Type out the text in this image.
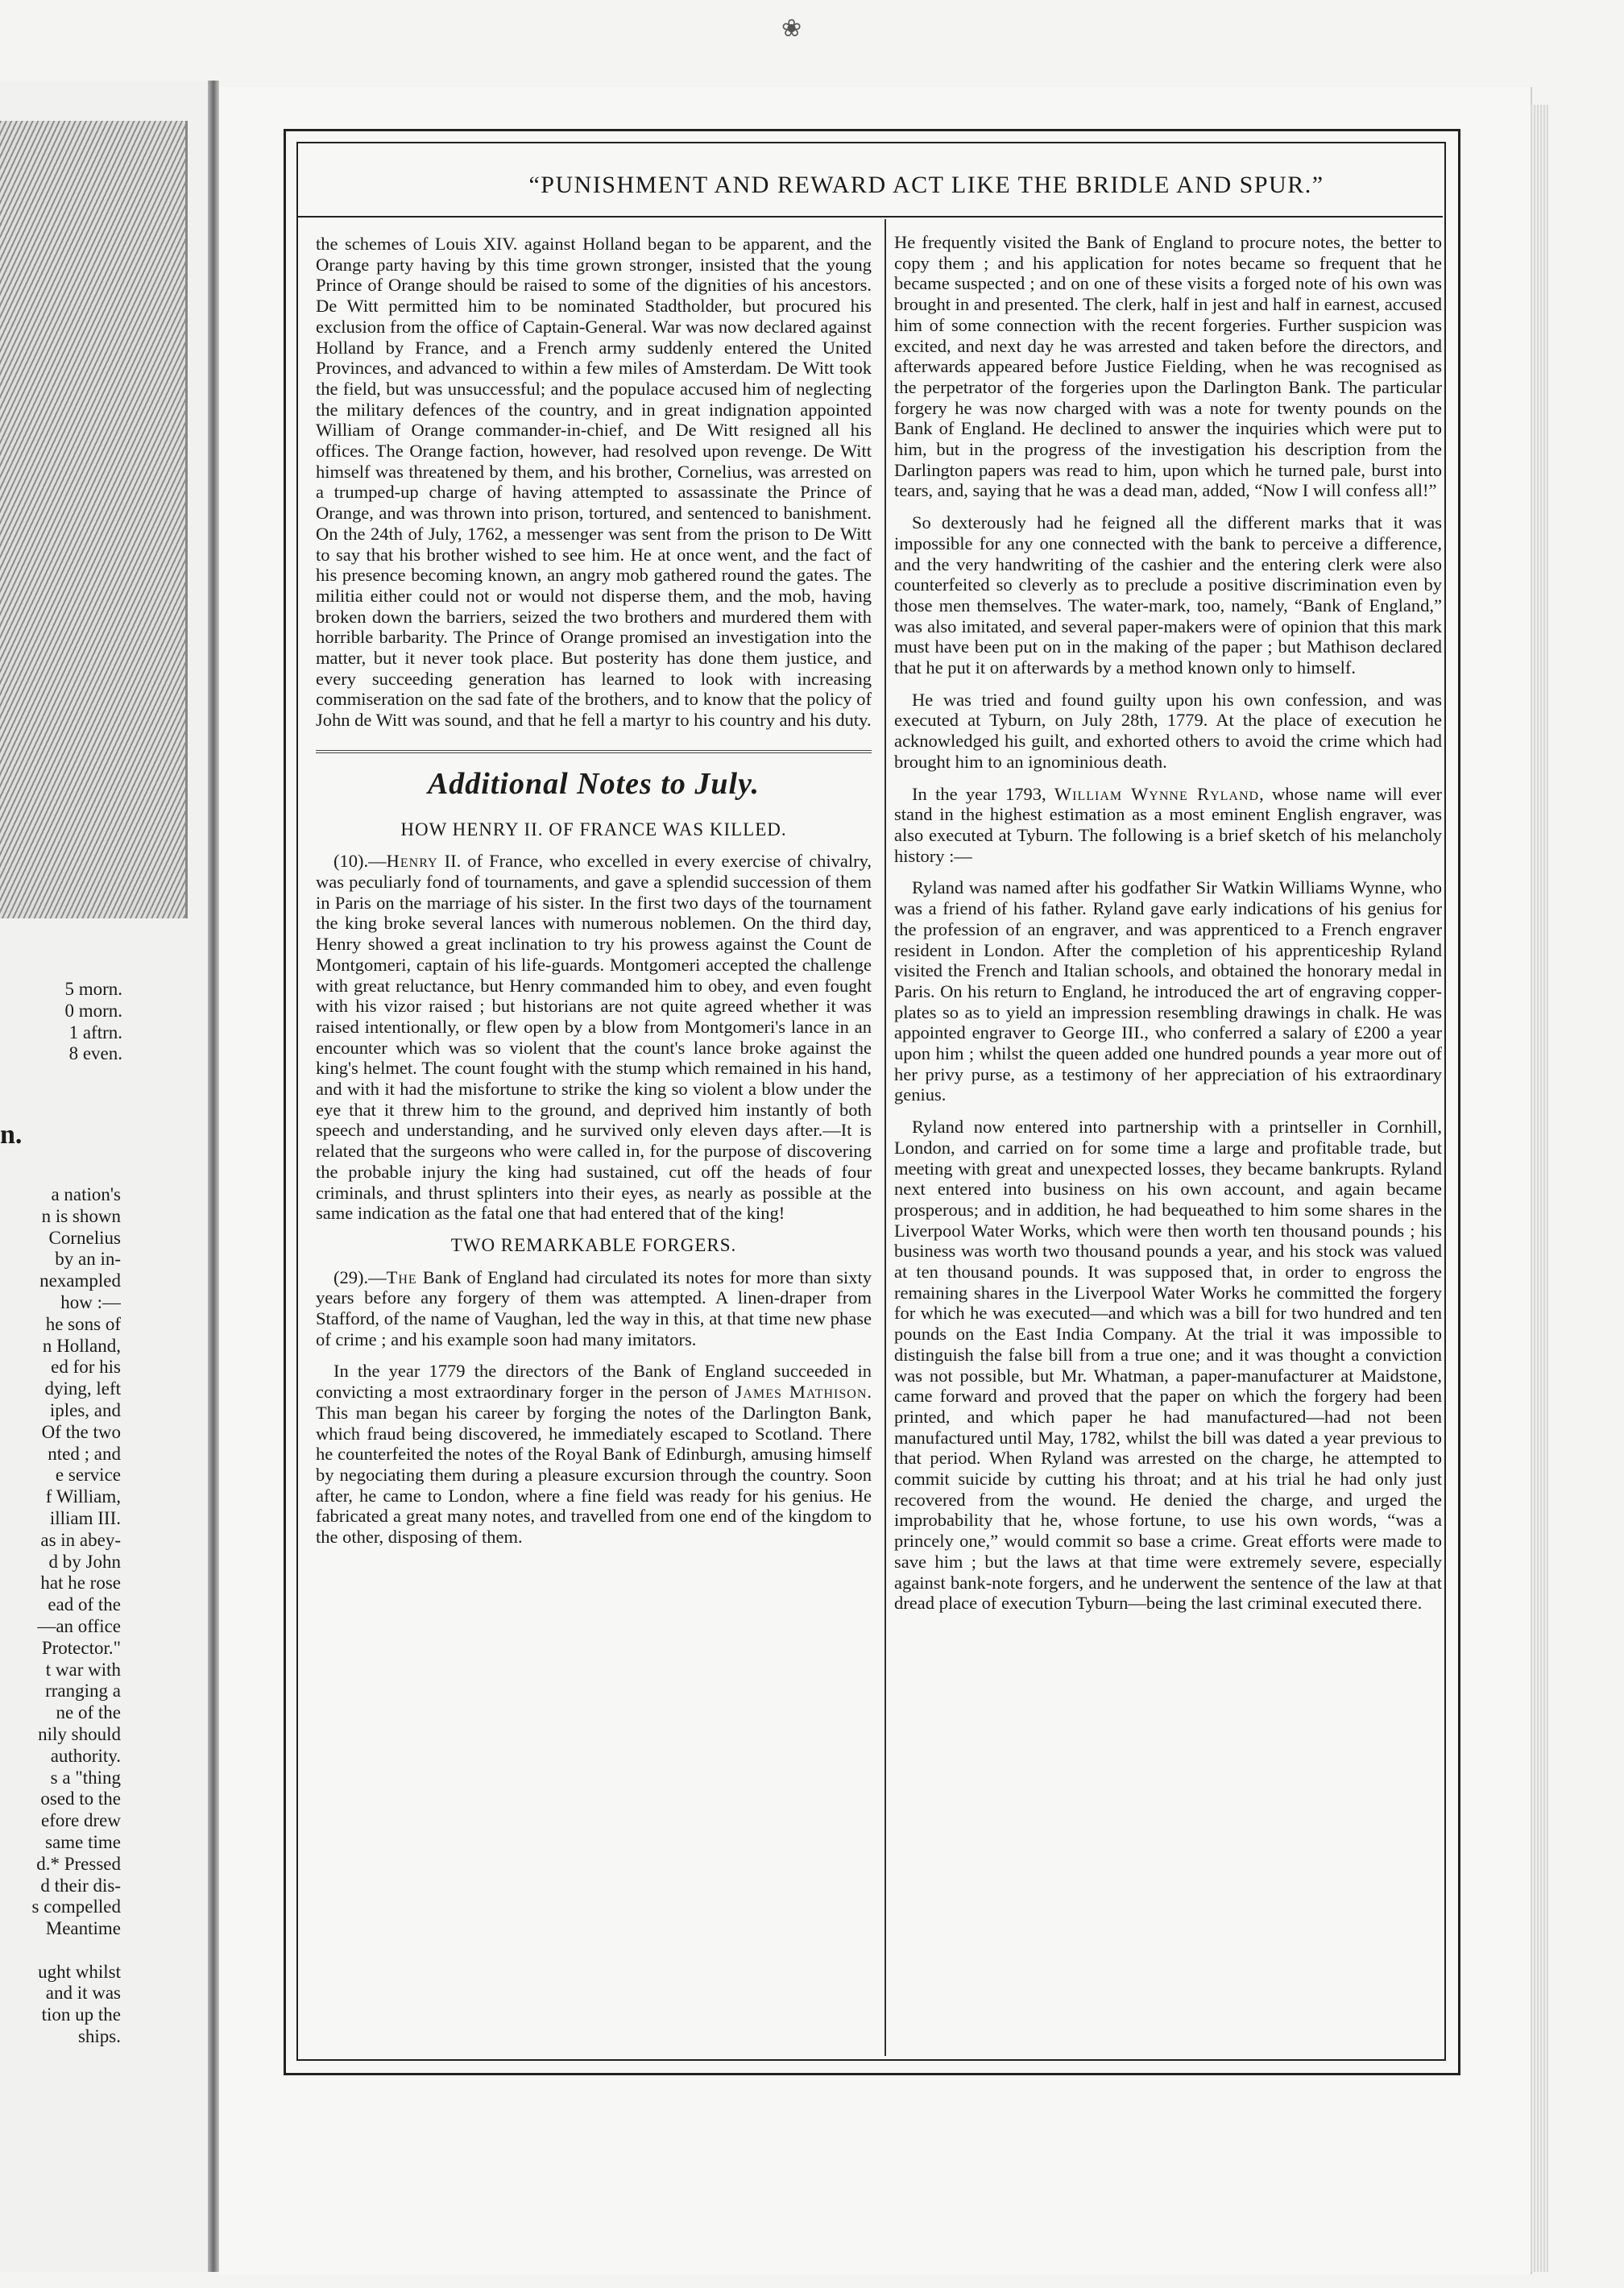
❀
5 morn.
0 morn.
1 aftrn.
8 even.
n.
a nation's
n is shown
Cornelius
by an in-
nexampled
how :—
he sons of
n Holland,
ed for his
dying, left
iples, and
Of the two
nted ; and
e service
f William,
illiam III.
as in abey-
d by John
hat he rose
ead of the
—an office
Protector."
t war with
rranging a
ne of the
nily should
authority.
s a "thing
osed to the
efore drew
same time
d.* Pressed
d their dis-
s compelled
Meantime
ught whilst
and it was
tion up the
ships.
“PUNISHMENT AND REWARD ACT LIKE THE BRIDLE AND SPUR.”

the schemes of Louis XIV. against Holland began to be apparent, and the Orange party having by this time grown stronger, insisted that the young Prince of Orange should be raised to some of the dignities of his ancestors. De Witt permitted him to be nominated Stadtholder, but procured his exclusion from the office of Captain-General. War was now declared against Holland by France, and a French army suddenly entered the United Provinces, and advanced to within a few miles of Amsterdam. De Witt took the field, but was unsuccessful; and the populace accused him of neglecting the military defences of the country, and in great indignation appointed William of Orange commander-in-chief, and De Witt resigned all his offices. The Orange faction, however, had resolved upon revenge. De Witt himself was threatened by them, and his brother, Cornelius, was arrested on a trumped-up charge of having attempted to assassinate the Prince of Orange, and was thrown into prison, tortured, and sentenced to banishment. On the 24th of July, 1762, a messenger was sent from the prison to De Witt to say that his brother wished to see him. He at once went, and the fact of his presence becoming known, an angry mob gathered round the gates. The militia either could not or would not disperse them, and the mob, having broken down the barriers, seized the two brothers and murdered them with horrible barbarity. The Prince of Orange promised an investigation into the matter, but it never took place. But posterity has done them justice, and every succeeding generation has learned to look with increasing commiseration on the sad fate of the brothers, and to know that the policy of John de Witt was sound, and that he fell a martyr to his country and his duty.

Additional Notes to July.
HOW HENRY II. OF FRANCE WAS KILLED.

(10).—Henry II. of France, who excelled in every exercise of chivalry, was peculiarly fond of tournaments, and gave a splendid succession of them in Paris on the marriage of his sister. In the first two days of the tournament the king broke several lances with numerous noblemen. On the third day, Henry showed a great inclination to try his prowess against the Count de Montgomeri, captain of his life-guards. Montgomeri accepted the challenge with great reluctance, but Henry commanded him to obey, and even fought with his vizor raised ; but historians are not quite agreed whether it was raised intentionally, or flew open by a blow from Montgomeri's lance in an encounter which was so violent that the count's lance broke against the king's helmet. The count fought with the stump which remained in his hand, and with it had the misfortune to strike the king so violent a blow under the eye that it threw him to the ground, and deprived him instantly of both speech and understanding, and he survived only eleven days after.—It is related that the surgeons who were called in, for the purpose of discovering the probable injury the king had sustained, cut off the heads of four criminals, and thrust splinters into their eyes, as nearly as possible at the same indication as the fatal one that had entered that of the king!

TWO REMARKABLE FORGERS.

(29).—The Bank of England had circulated its notes for more than sixty years before any forgery of them was attempted. A linen-draper from Stafford, of the name of Vaughan, led the way in this, at that time new phase of crime ; and his example soon had many imitators.

In the year 1779 the directors of the Bank of England succeeded in convicting a most extraordinary forger in the person of James Mathison. This man began his career by forging the notes of the Darlington Bank, which fraud being discovered, he immediately escaped to Scotland. There he counterfeited the notes of the Royal Bank of Edinburgh, amusing himself by negociating them during a pleasure excursion through the country. Soon after, he came to London, where a fine field was ready for his genius. He fabricated a great many notes, and travelled from one end of the kingdom to the other, disposing of them.

He frequently visited the Bank of England to procure notes, the better to copy them ; and his application for notes became so frequent that he became suspected ; and on one of these visits a forged note of his own was brought in and presented. The clerk, half in jest and half in earnest, accused him of some connection with the recent forgeries. Further suspicion was excited, and next day he was arrested and taken before the directors, and afterwards appeared before Justice Fielding, when he was recognised as the perpetrator of the forgeries upon the Darlington Bank. The particular forgery he was now charged with was a note for twenty pounds on the Bank of England. He declined to answer the inquiries which were put to him, but in the progress of the investigation his description from the Darlington papers was read to him, upon which he turned pale, burst into tears, and, saying that he was a dead man, added, “Now I will confess all!”

So dexterously had he feigned all the different marks that it was impossible for any one connected with the bank to perceive a difference, and the very handwriting of the cashier and the entering clerk were also counterfeited so cleverly as to preclude a positive discrimination even by those men themselves. The water-mark, too, namely, “Bank of England,” was also imitated, and several paper-makers were of opinion that this mark must have been put on in the making of the paper ; but Mathison declared that he put it on afterwards by a method known only to himself.

He was tried and found guilty upon his own confession, and was executed at Tyburn, on July 28th, 1779. At the place of execution he acknowledged his guilt, and exhorted others to avoid the crime which had brought him to an ignominious death.

In the year 1793, William Wynne Ryland, whose name will ever stand in the highest estimation as a most eminent English engraver, was also executed at Tyburn. The following is a brief sketch of his melancholy history :—

Ryland was named after his godfather Sir Watkin Williams Wynne, who was a friend of his father. Ryland gave early indications of his genius for the profession of an engraver, and was apprenticed to a French engraver resident in London. After the completion of his apprenticeship Ryland visited the French and Italian schools, and obtained the honorary medal in Paris. On his return to England, he introduced the art of engraving copper-plates so as to yield an impression resembling drawings in chalk. He was appointed engraver to George III., who conferred a salary of £200 a year upon him ; whilst the queen added one hundred pounds a year more out of her privy purse, as a testimony of her appreciation of his extraordinary genius.

Ryland now entered into partnership with a printseller in Cornhill, London, and carried on for some time a large and profitable trade, but meeting with great and unexpected losses, they became bankrupts. Ryland next entered into business on his own account, and again became prosperous; and in addition, he had bequeathed to him some shares in the Liverpool Water Works, which were then worth ten thousand pounds ; his business was worth two thousand pounds a year, and his stock was valued at ten thousand pounds. It was supposed that, in order to engross the remaining shares in the Liverpool Water Works he committed the forgery for which he was executed—and which was a bill for two hundred and ten pounds on the East India Company. At the trial it was impossible to distinguish the false bill from a true one; and it was thought a conviction was not possible, but Mr. Whatman, a paper-manufacturer at Maidstone, came forward and proved that the paper on which the forgery had been printed, and which paper he had manufactured—had not been manufactured until May, 1782, whilst the bill was dated a year previous to that period. When Ryland was arrested on the charge, he attempted to commit suicide by cutting his throat; and at his trial he had only just recovered from the wound. He denied the charge, and urged the improbability that he, whose fortune, to use his own words, “was a princely one,” would commit so base a crime. Great efforts were made to save him ; but the laws at that time were extremely severe, especially against bank-note forgers, and he underwent the sentence of the law at that dread place of execution Tyburn—being the last criminal executed there.
